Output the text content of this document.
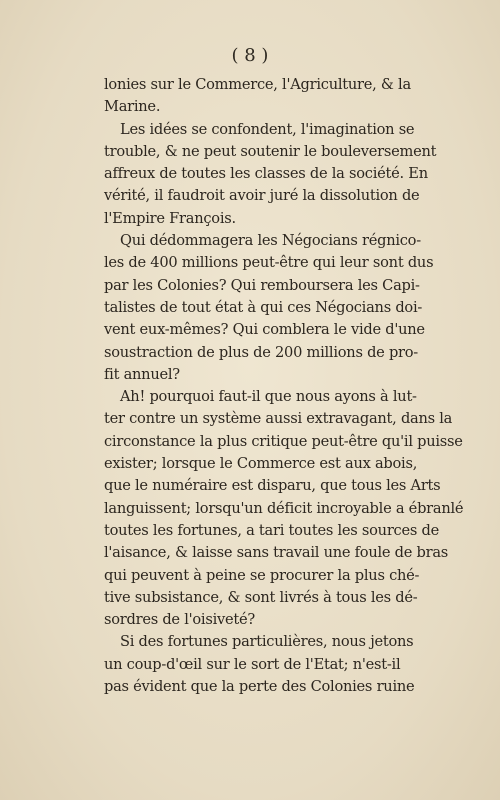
( 8 )

lonies sur le Commerce, l'Agriculture, & la
Marine.

Les idées se confondent, l'imagination se
trouble, & ne peut soutenir le bouleversement
affreux de toutes les classes de la société. En
vérité, il faudroit avoir juré la dissolution de
l'Empire François.

Qui dédommagera les Négocians régnico-
les de 400 millions peut-être qui leur sont dus
par les Colonies? Qui remboursera les Capi-
talistes de tout état à qui ces Négocians doi-
vent eux-mêmes? Qui comblera le vide d'une
soustraction de plus de 200 millions de pro-
fit annuel?

Ah! pourquoi faut-il que nous ayons à lut-
ter contre un système aussi extravagant, dans la
circonstance la plus critique peut-être qu'il puisse
exister; lorsque le Commerce est aux abois,
que le numéraire est disparu, que tous les Arts
languissent; lorsqu'un déficit incroyable a ébranlé
toutes les fortunes, a tari toutes les sources de
l'aisance, & laisse sans travail une foule de bras
qui peuvent à peine se procurer la plus ché-
tive subsistance, & sont livrés à tous les dé-
sordres de l'oisiveté?

Si des fortunes particulières, nous jetons
un coup-d'œil sur le sort de l'Etat; n'est-il
pas évident que la perte des Colonies ruine
